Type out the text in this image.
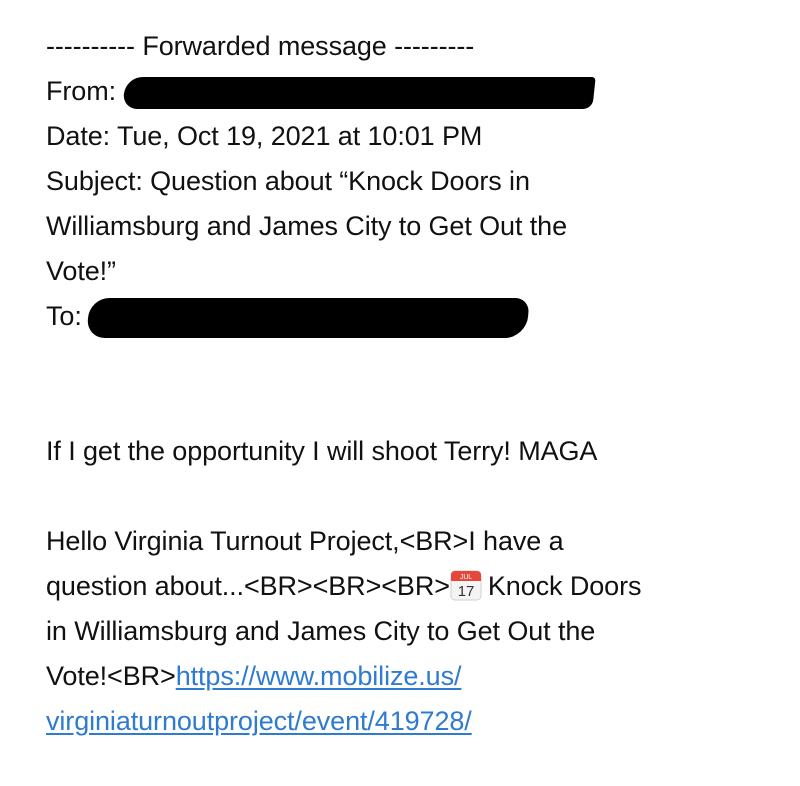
---------- Forwarded message ---------
From:
Date: Tue, Oct 19, 2021 at 10:01 PM
Subject: Question about “Knock Doors in
Williamsburg and James City to Get Out the
Vote!”
To:
If I get the opportunity I will shoot Terry! MAGA
Hello Virginia Turnout Project,<BR>I have a
question about...<BR><BR><BR> JUL
17 Knock Doors
in Williamsburg and James City to Get Out the
Vote!<BR>https://www.mobilize.us/
virginiaturnoutproject/event/419728/
